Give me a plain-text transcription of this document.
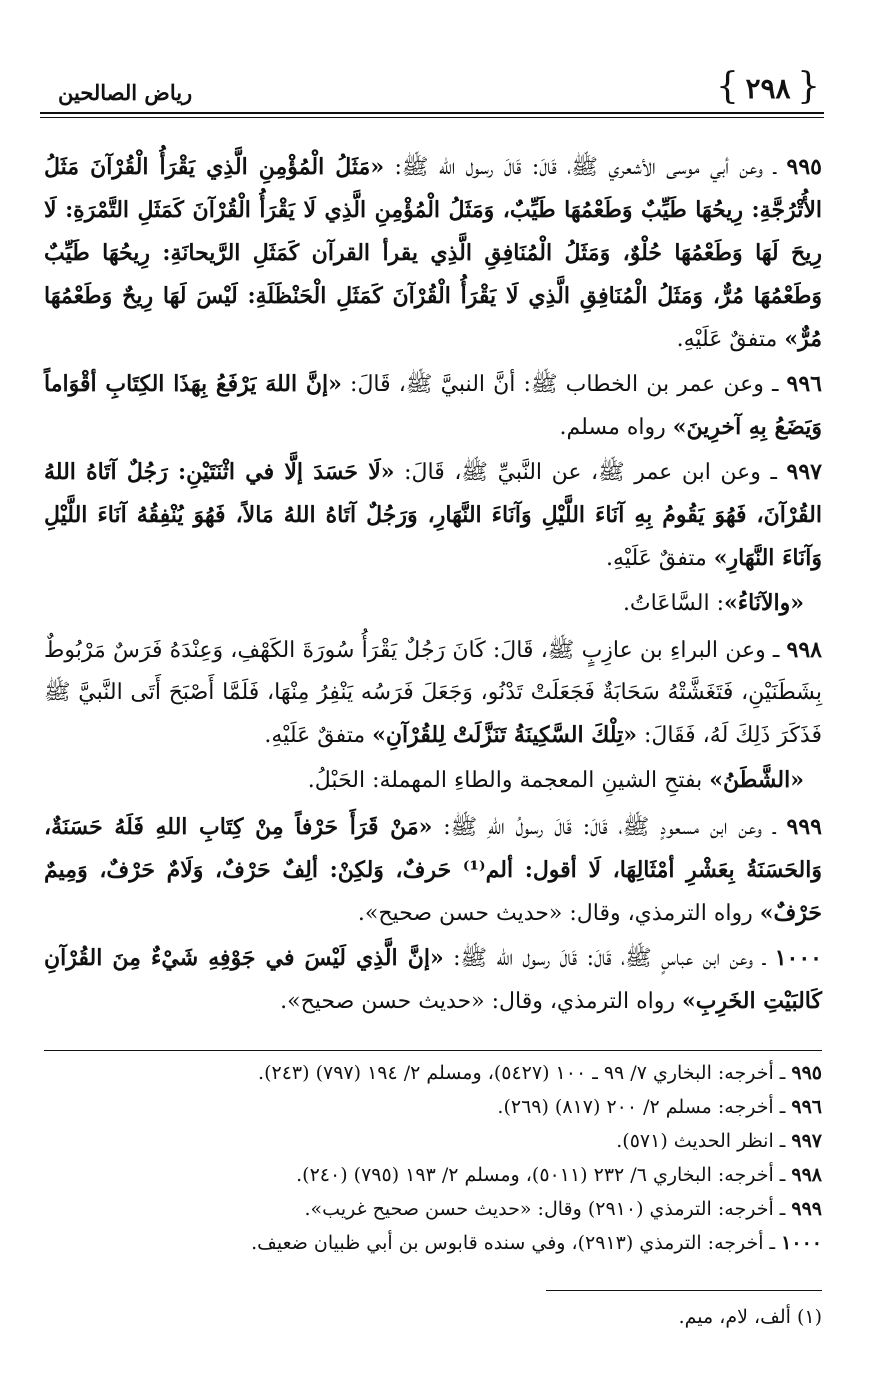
رياض الصالحين	{ ٢٩٨ }

٩٩٥ ـ وعن أبي موسى الأشعري ﷺ، قَالَ: قَالَ رسول الله ﷺ: «مَثَلُ الْمُؤْمِنِ الَّذِي يَقْرَأُ الْقُرْآنَ مَثَلُ الأُتْرُجَّةِ: رِيحُهَا طَيِّبٌ وَطَعْمُهَا طَيِّبٌ، وَمَثَلُ الْمُؤْمِنِ الَّذِي لَا يَقْرَأُ الْقُرْآنَ كَمَثَلِ التَّمْرَةِ: لَا رِيحَ لَهَا وَطَعْمُهَا حُلْوٌ، وَمَثَلُ الْمُنَافِقِ الَّذِي يقرأ القرآن كَمَثَلِ الرَّيحانَةِ: رِيحُهَا طَيِّبٌ وَطَعْمُهَا مُرٌّ، وَمَثَلُ الْمُنَافِقِ الَّذِي لَا يَقْرَأُ الْقُرْآنَ كَمَثَلِ الْحَنْظَلَةِ: لَيْسَ لَهَا رِيحٌ وَطَعْمُهَا مُرٌّ» متفقٌ عَلَيْهِ.

٩٩٦ ـ وعن عمر بن الخطاب ﷺ: أنَّ النبيَّ ﷺ، قَالَ: «إنَّ اللهَ يَرْفَعُ بِهَذَا الكِتَابِ أقْوَاماً وَيَضَعُ بِهِ آخرِينَ» رواه مسلم.

٩٩٧ ـ وعن ابن عمر ﷺ، عن النَّبيِّ ﷺ، قَالَ: «لَا حَسَدَ إلَّا في اثْنَتَيْنِ: رَجُلٌ آتَاهُ اللهُ القُرْآنَ، فَهُوَ يَقُومُ بِهِ آنَاءَ اللَّيْلِ وَآنَاءَ النَّهَارِ، وَرَجُلٌ آتَاهُ اللهُ مَالاً، فَهُوَ يُنْفِقُهُ آنَاءَ اللَّيْلِ وَآنَاءَ النَّهَارِ» متفقٌ عَلَيْهِ.

«والآنَاءُ»: السَّاعَاتُ.

٩٩٨ ـ وعن البراءِ بن عازِبٍ ﷺ، قَالَ: كَانَ رَجُلٌ يَقْرَأُ سُورَةَ الكَهْفِ، وَعِنْدَهُ فَرَسٌ مَرْبُوطٌ بِشَطَنَيْنِ، فَتَغَشَّتْهُ سَحَابَةٌ فَجَعَلَتْ تَدْنُو، وَجَعَلَ فَرَسُه يَنْفِرُ مِنْهَا، فَلَمَّا أَصْبَحَ أَتَى النَّبيَّ ﷺ فَذَكَرَ ذَلِكَ لَهُ، فَقَالَ: «تِلْكَ السَّكِينَةُ تَنَزَّلَتْ لِلقُرْآنِ» متفقٌ عَلَيْهِ.

«الشَّطَنُ» بفتحِ الشينِ المعجمة والطاءِ المهملة: الحَبْلُ.

٩٩٩ ـ وعن ابن مسعودٍ ﷺ، قَالَ: قَالَ رسولُ اللهِ ﷺ: «مَنْ قَرَأَ حَرْفاً مِنْ كِتَابِ اللهِ فَلَهُ حَسَنَةٌ، وَالحَسَنَةُ بِعَشْرِ أمْثَالِهَا، لَا أقول: ألم⁽¹⁾ حَرفٌ، وَلكِنْ: ألِفٌ حَرْفٌ، وَلَامٌ حَرْفٌ، وَمِيمٌ حَرْفٌ» رواه الترمذي، وقال: «حديث حسن صحيح».

١٠٠٠ ـ وعن ابن عباسٍ ﷺ، قَالَ: قَالَ رسول الله ﷺ: «إنَّ الَّذِي لَيْسَ في جَوْفِهِ شَيْءٌ مِنَ القُرْآنِ كَالبَيْتِ الخَرِبِ» رواه الترمذي، وقال: «حديث حسن صحيح».

٩٩٥ ـ أخرجه: البخاري ٧/ ٩٩ ـ ١٠٠ (٥٤٢٧)، ومسلم ٢/ ١٩٤ (٧٩٧) (٢٤٣).
٩٩٦ ـ أخرجه: مسلم ٢/ ٢٠٠ (٨١٧) (٢٦٩).
٩٩٧ ـ انظر الحديث (٥٧١).
٩٩٨ ـ أخرجه: البخاري ٦/ ٢٣٢ (٥٠١١)، ومسلم ٢/ ١٩٣ (٧٩٥) (٢٤٠).
٩٩٩ ـ أخرجه: الترمذي (٢٩١٠) وقال: «حديث حسن صحيح غريب».
١٠٠٠ ـ أخرجه: الترمذي (٢٩١٣)، وفي سنده قابوس بن أبي ظبيان ضعيف.
(١) ألف، لام، ميم.
